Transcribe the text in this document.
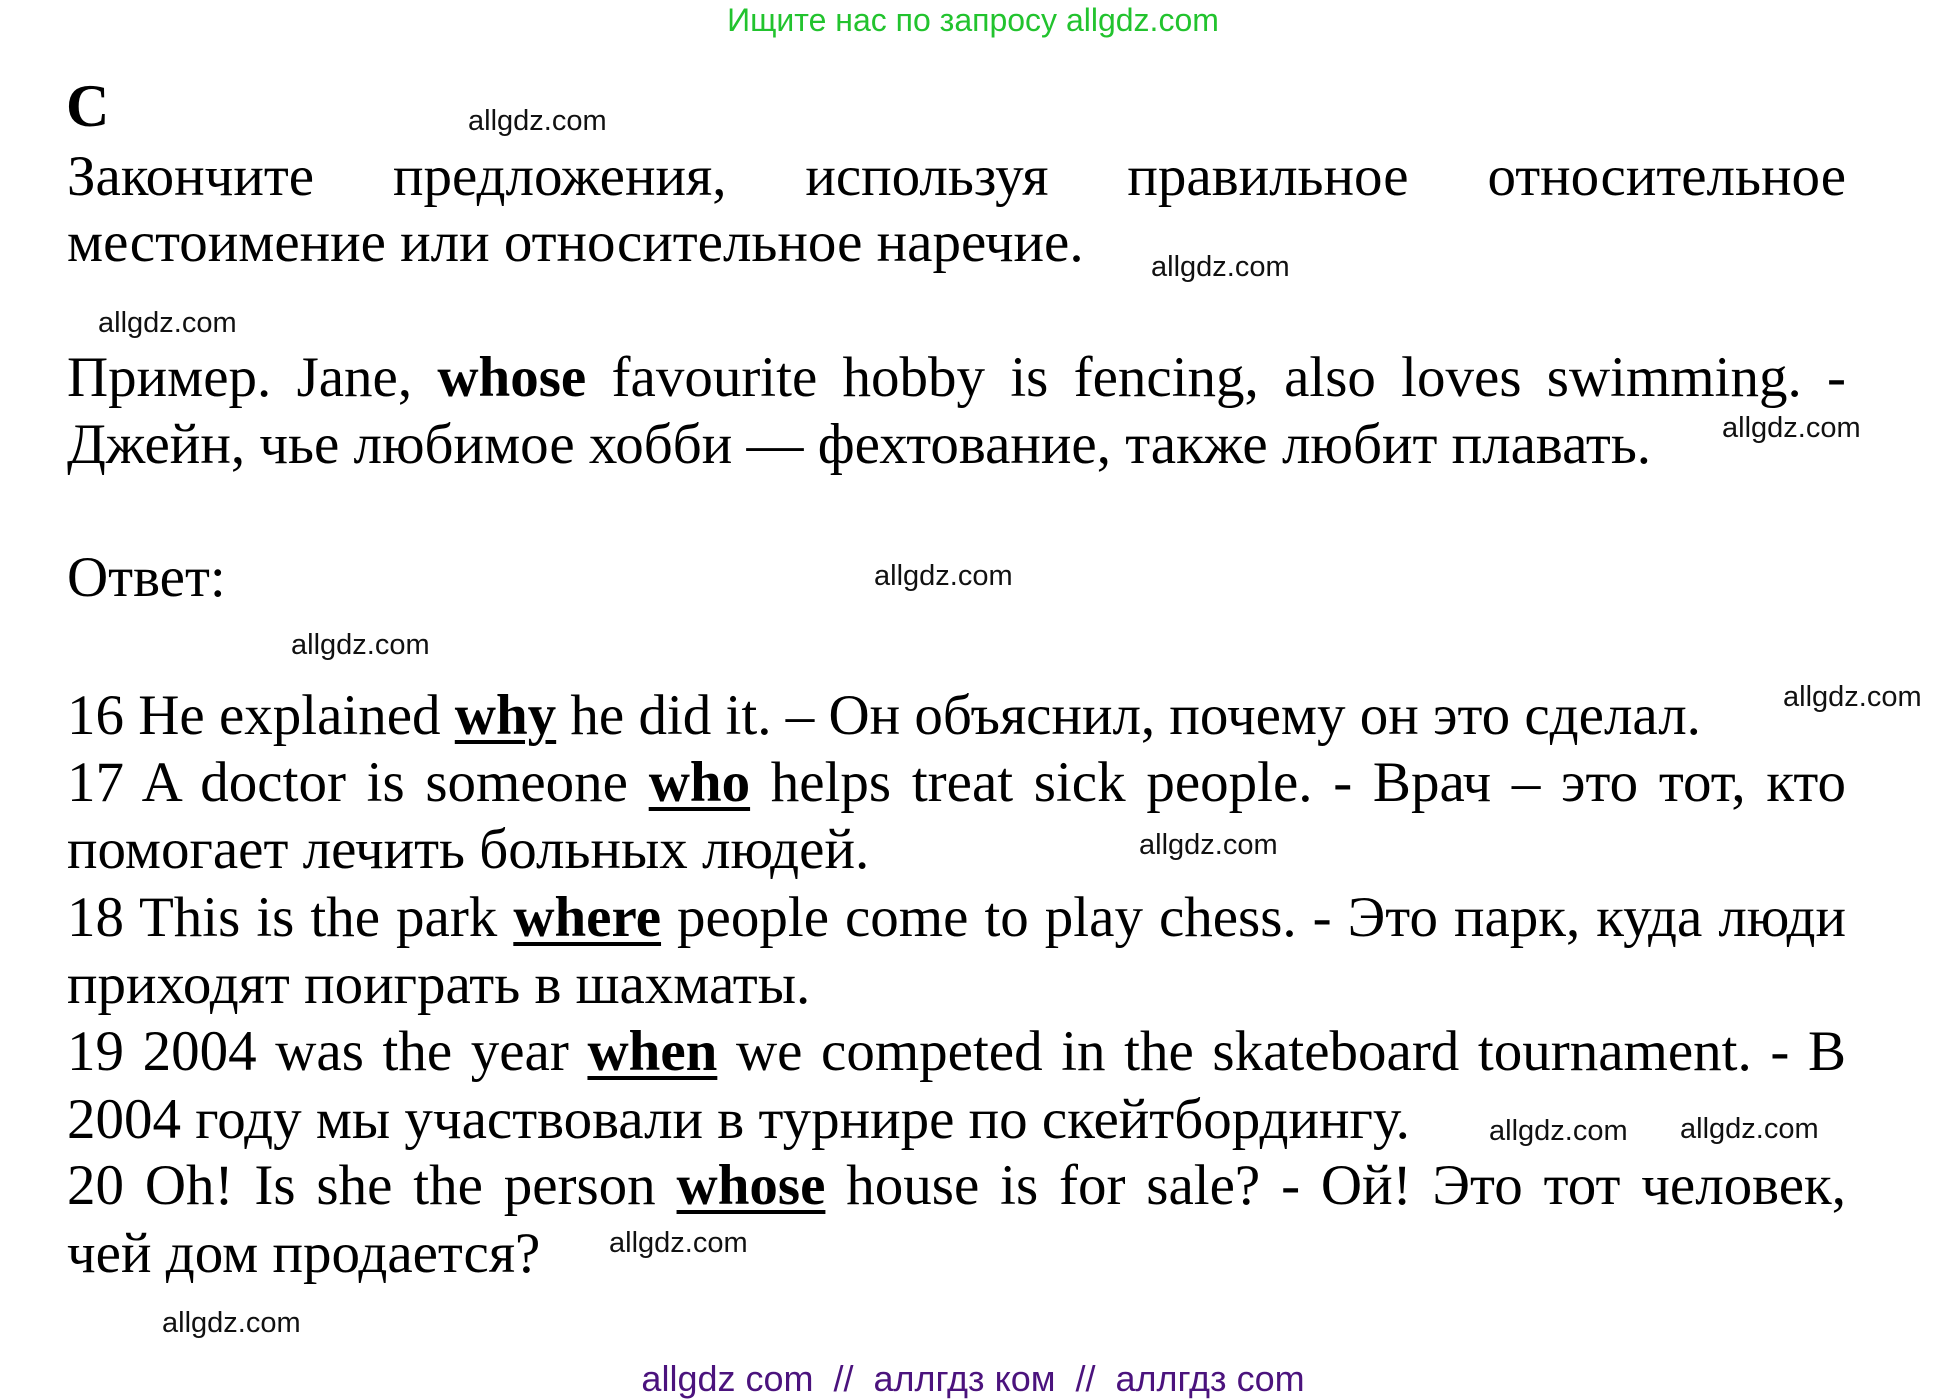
Ищите нас по запросу allgdz.com
C
Закончите предложения, используя правильное относительное
местоимение или относительное наречие.
Пример. Jane, whose favourite hobby is fencing, also loves swimming. -
Джейн, чье любимое хобби — фехтование, также любит плавать.
Ответ:
16 He explained why he did it. – Он объяснил, почему он это сделал.
17 A doctor is someone who helps treat sick people. - Врач – это тот, кто
помогает лечить больных людей.
18 This is the park where people come to play chess. - Это парк, куда люди
приходят поиграть в шахматы.
19 2004 was the year when we competed in the skateboard tournament. - В
2004 году мы участвовали в турнире по скейтбордингу.
20 Oh! Is she the person whose house is for sale? - Ой! Это тот человек,
чей дом продается?
allgdz.com
allgdz.com
allgdz.com
allgdz.com
allgdz.com
allgdz.com
allgdz.com
allgdz.com
allgdz.com
allgdz.com
allgdz.com
allgdz.com
allgdz com  //  аллгдз ком  //  аллгдз com
